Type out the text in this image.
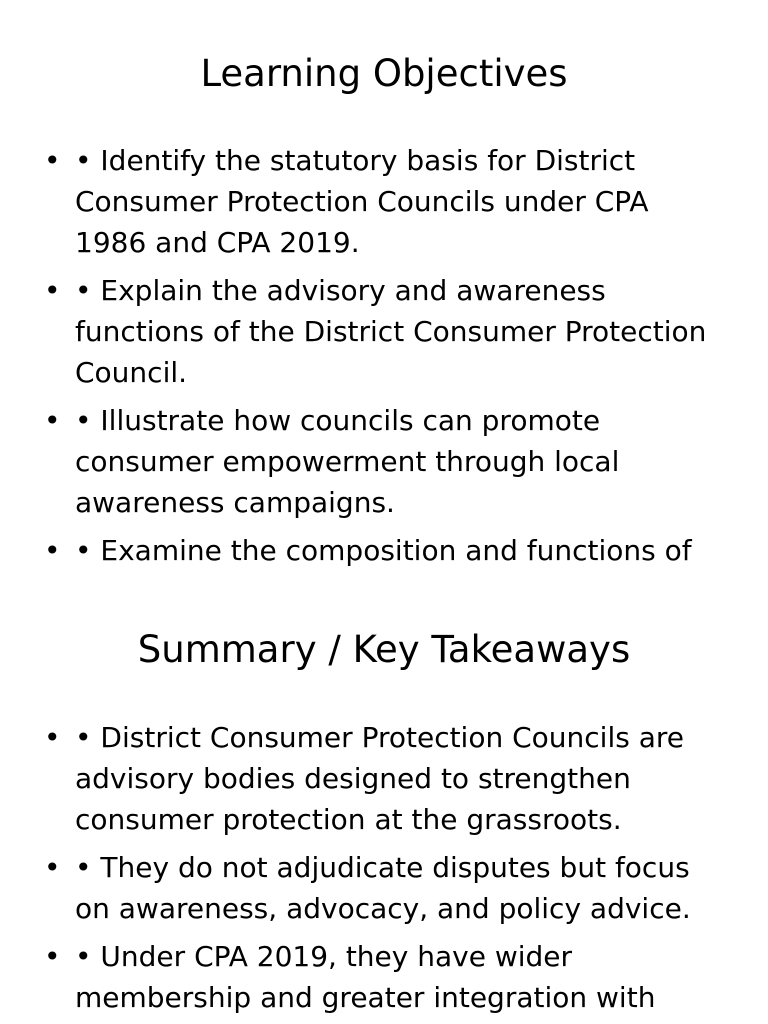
Learning Objectives
• • Identify the statutory basis for District Consumer Protection Councils under CPA 1986 and CPA 2019.
• • Explain the advisory and awareness functions of the District Consumer Protection Council.
• • Illustrate how councils can promote consumer empowerment through local awareness campaigns.
• • Examine the composition and functions of
Summary / Key Takeaways
• • District Consumer Protection Councils are advisory bodies designed to strengthen consumer protection at the grassroots.
• • They do not adjudicate disputes but focus on awareness, advocacy, and policy advice.
• • Under CPA 2019, they have wider membership and greater integration with
